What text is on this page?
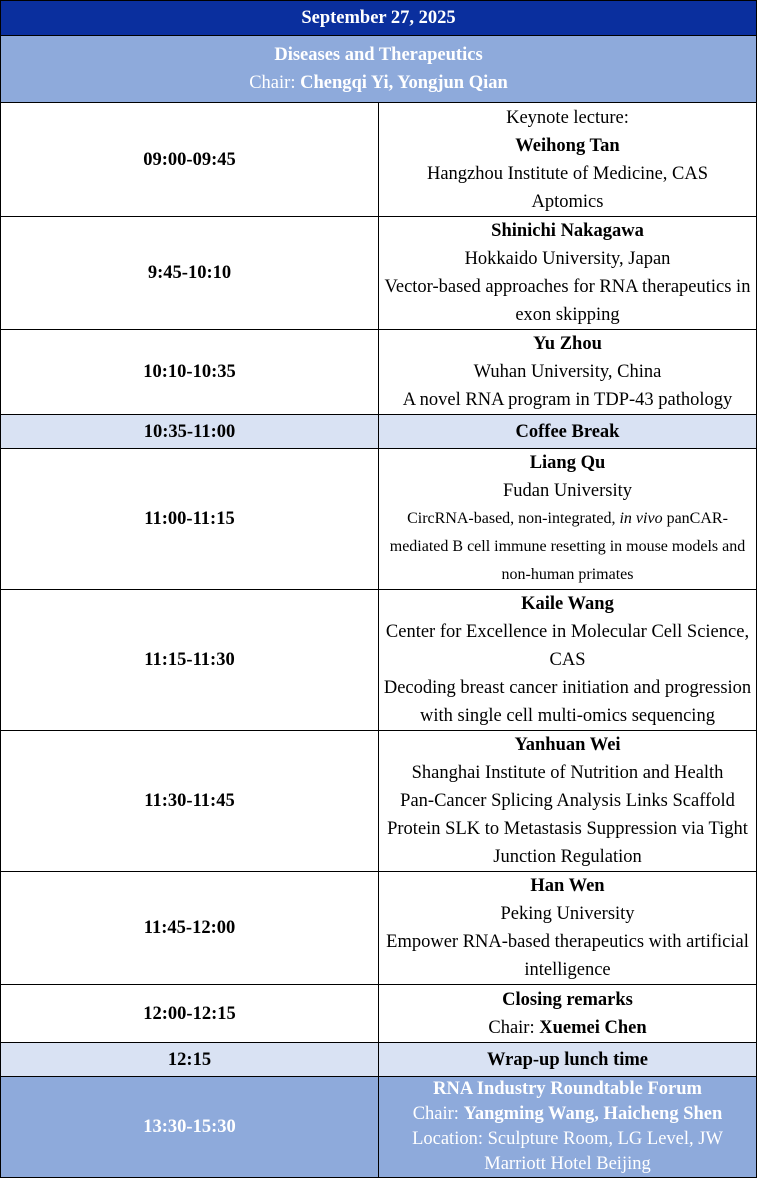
September 27, 2025	

Diseases and Therapeutics
Chair: Chengqi Yi, Yongjun Qian	

09:00-09:45	Keynote lecture:
Weihong Tan
Hangzhou Institute of Medicine, CAS
Aptomics

9:45-10:10	Shinichi Nakagawa
Hokkaido University, Japan
Vector-based approaches for RNA therapeutics in exon skipping

10:10-10:35	Yu Zhou
Wuhan University, China
A novel RNA program in TDP-43 pathology

10:35-11:00	Coffee Break
11:00-11:15	Liang Qu
Fudan University
CircRNA-based, non-integrated, in vivo panCAR-mediated B cell immune resetting in mouse models and non-human primates

11:15-11:30	Kaile Wang
Center for Excellence in Molecular Cell Science, CAS
Decoding breast cancer initiation and progression with single cell multi-omics sequencing

11:30-11:45	Yanhuan Wei
Shanghai Institute of Nutrition and Health
Pan-Cancer Splicing Analysis Links Scaffold Protein SLK to Metastasis Suppression via Tight Junction Regulation

11:45-12:00	Han Wen
Peking University
Empower RNA-based therapeutics with artificial intelligence

12:00-12:15	Closing remarks
Chair: Xuemei Chen

12:15	Wrap-up lunch time
13:30-15:30	RNA Industry Roundtable Forum
Chair: Yangming Wang, Haicheng Shen
Location: Sculpture Room, LG Level, JW Marriott Hotel Beijing
